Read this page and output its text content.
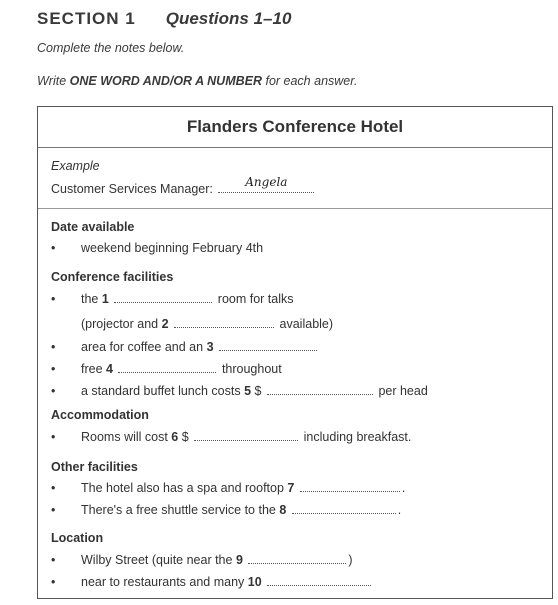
SECTION 1 Questions 1–10
Complete the notes below.
Write ONE WORD AND/OR A NUMBER for each answer.
Flanders Conference Hotel
Example
Customer Services Manager:	Angela
Date available
• weekend beginning February 4th
Conference facilities
• the 1	room for talks
(projector and 2	available)
• area for coffee and an 3
• free 4	throughout
• a standard buffet lunch costs 5 $	per head
Accommodation
• Rooms will cost 6 $	including breakfast.
Other facilities
• The hotel also has a spa and rooftop 7	.
• There's a free shuttle service to the 8	.
Location
• Wilby Street (quite near the 9	)
• near to restaurants and many 10
